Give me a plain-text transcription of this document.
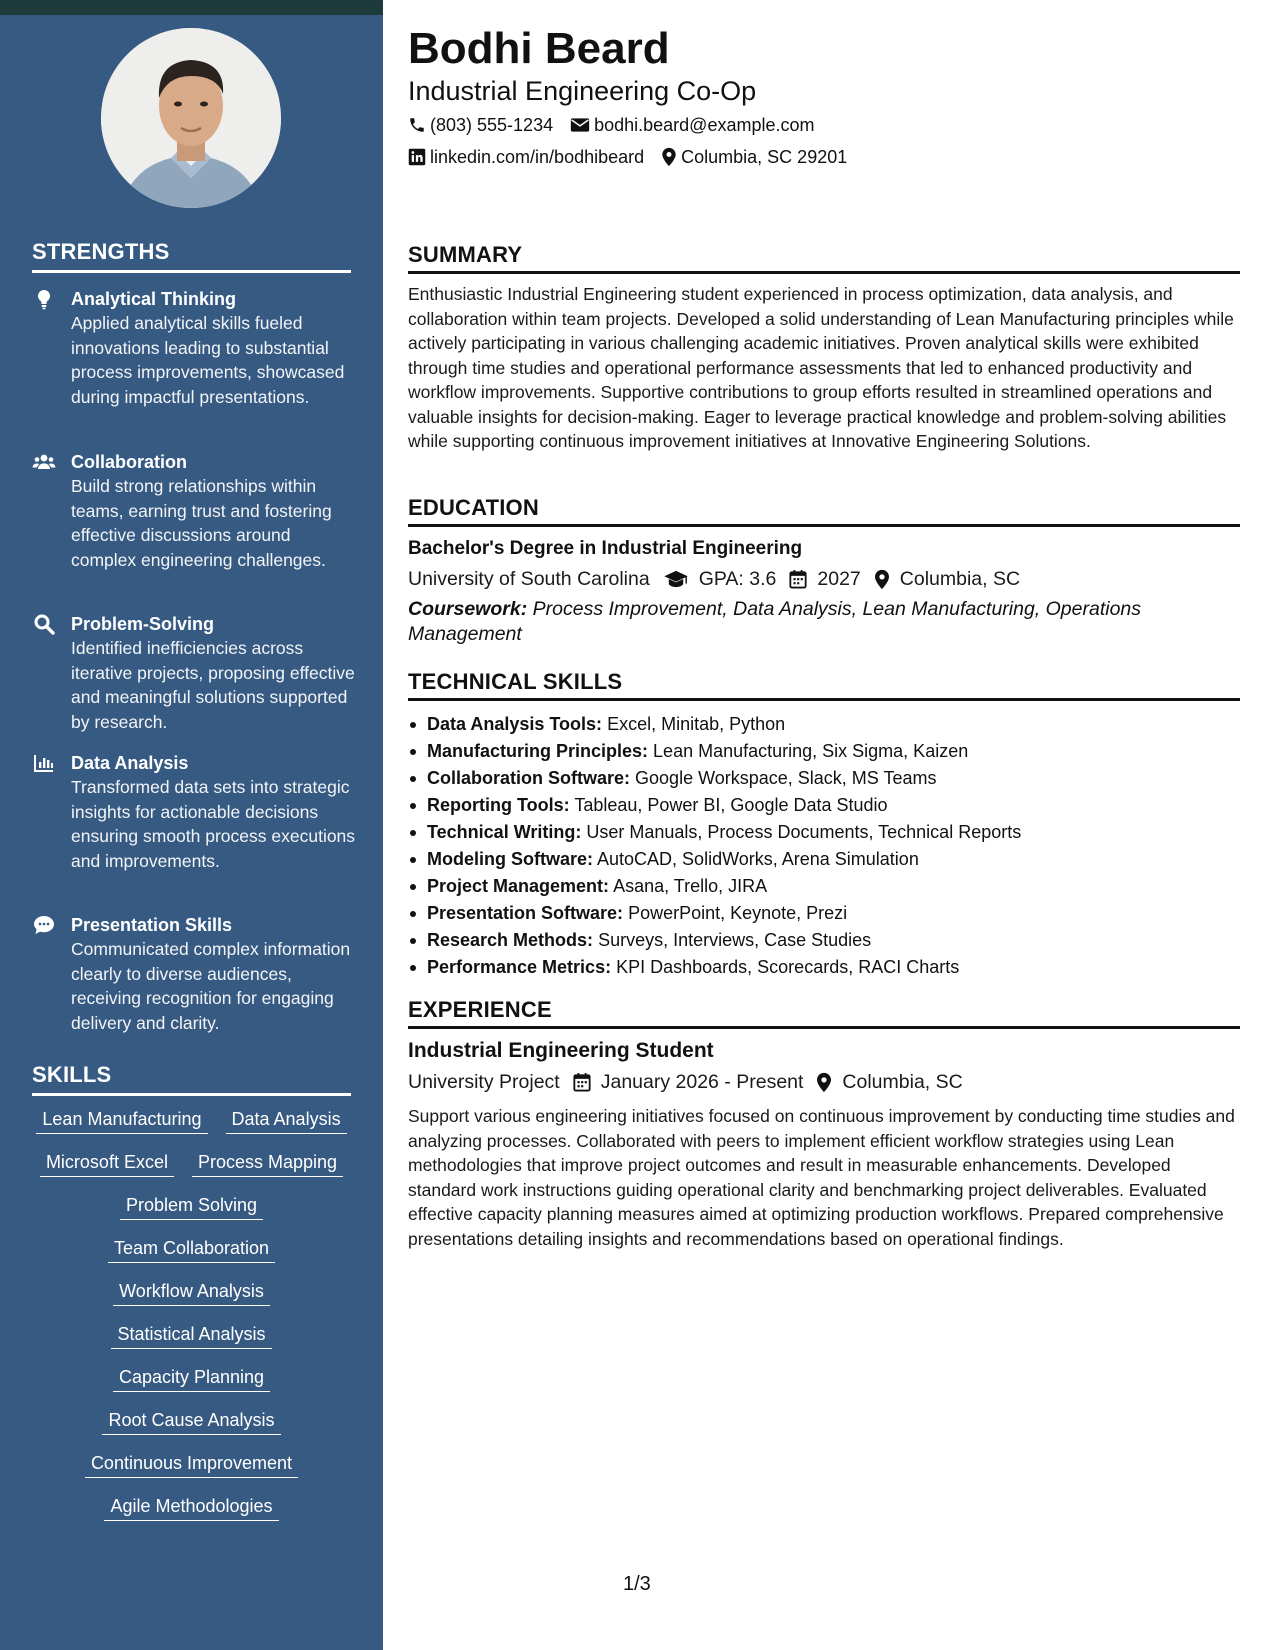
STRENGTHS
Analytical Thinking
Applied analytical skills fueled innovations leading to substantial process improvements, showcased during impactful presentations.
Collaboration
Build strong relationships within teams, earning trust and fostering effective discussions around complex engineering challenges.
Problem-Solving
Identified inefficiencies across iterative projects, proposing effective and meaningful solutions supported by research.
Data Analysis
Transformed data sets into strategic insights for actionable decisions ensuring smooth process executions and improvements.
Presentation Skills
Communicated complex information clearly to diverse audiences, receiving recognition for engaging delivery and clarity.
SKILLS
Lean Manufacturing	Data Analysis
Microsoft Excel	Process Mapping
Problem Solving
Team Collaboration
Workflow Analysis
Statistical Analysis
Capacity Planning
Root Cause Analysis
Continuous Improvement
Agile Methodologies
Bodhi Beard
Industrial Engineering Co-Op
(803) 555-1234 bodhi.beard@example.com
linkedin.com/in/bodhibeard Columbia, SC 29201
SUMMARY
Enthusiastic Industrial Engineering student experienced in process optimization, data analysis, and collaboration within team projects. Developed a solid understanding of Lean Manufacturing principles while actively participating in various challenging academic initiatives. Proven analytical skills were exhibited through time studies and operational performance assessments that led to enhanced productivity and workflow improvements. Supportive contributions to group efforts resulted in streamlined operations and valuable insights for decision-making. Eager to leverage practical knowledge and problem-solving abilities while supporting continuous improvement initiatives at Innovative Engineering Solutions.
EDUCATION
Bachelor's Degree in Industrial Engineering
University of South Carolina	GPA: 3.6 2027 Columbia, SC
Coursework: Process Improvement, Data Analysis, Lean Manufacturing, Operations Management
TECHNICAL SKILLS
Data Analysis Tools: Excel, Minitab, Python
Manufacturing Principles: Lean Manufacturing, Six Sigma, Kaizen
Collaboration Software: Google Workspace, Slack, MS Teams
Reporting Tools: Tableau, Power BI, Google Data Studio
Technical Writing: User Manuals, Process Documents, Technical Reports
Modeling Software: AutoCAD, SolidWorks, Arena Simulation
Project Management: Asana, Trello, JIRA
Presentation Software: PowerPoint, Keynote, Prezi
Research Methods: Surveys, Interviews, Case Studies
Performance Metrics: KPI Dashboards, Scorecards, RACI Charts
EXPERIENCE
Industrial Engineering Student
University Project January 2026 - Present Columbia, SC
Support various engineering initiatives focused on continuous improvement by conducting time studies and analyzing processes. Collaborated with peers to implement efficient workflow strategies using Lean methodologies that improve project outcomes and result in measurable enhancements. Developed standard work instructions guiding operational clarity and benchmarking project deliverables. Evaluated effective capacity planning measures aimed at optimizing production workflows. Prepared comprehensive presentations detailing insights and recommendations based on operational findings.
1/3
